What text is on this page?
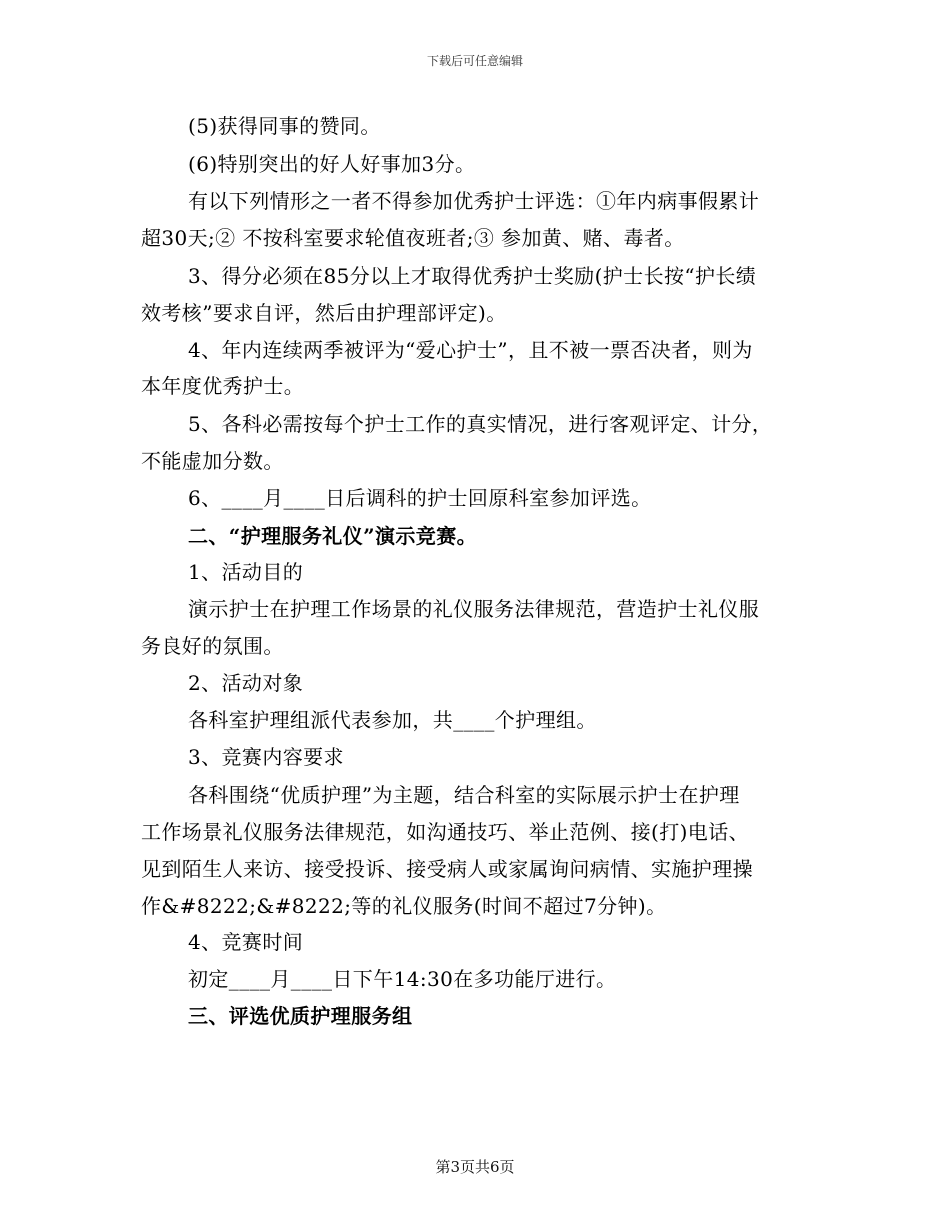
下载后可任意编辑
(5)获得同事的赞同。
(6)特别突出的好人好事加3分。
有以下列情形之一者不得参加优秀护士评选：①年内病事假累计
超30天;② 不按科室要求轮值夜班者;③ 参加黄、赌、毒者。
3、得分必须在85分以上才取得优秀护士奖励(护士长按“护长绩
效考核”要求自评，然后由护理部评定)。
4、年内连续两季被评为“爱心护士”，且不被一票否决者，则为
本年度优秀护士。
5、各科必需按每个护士工作的真实情况，进行客观评定、计分，
不能虚加分数。
6、____月____日后调科的护士回原科室参加评选。
二、“护理服务礼仪”演示竞赛。
1、活动目的
演示护士在护理工作场景的礼仪服务法律规范，营造护士礼仪服
务良好的氛围。
2、活动对象
各科室护理组派代表参加，共____个护理组。
3、竞赛内容要求
各科围绕“优质护理”为主题，结合科室的实际展示护士在护理
工作场景礼仪服务法律规范，如沟通技巧、举止范例、接(打)电话、
见到陌生人来访、接受投诉、接受病人或家属询问病情、实施护理操
作&#8222;&#8222;等的礼仪服务(时间不超过7分钟)。
4、竞赛时间
初定____月____日下午14:30在多功能厅进行。
三、评选优质护理服务组
第3页共6页
